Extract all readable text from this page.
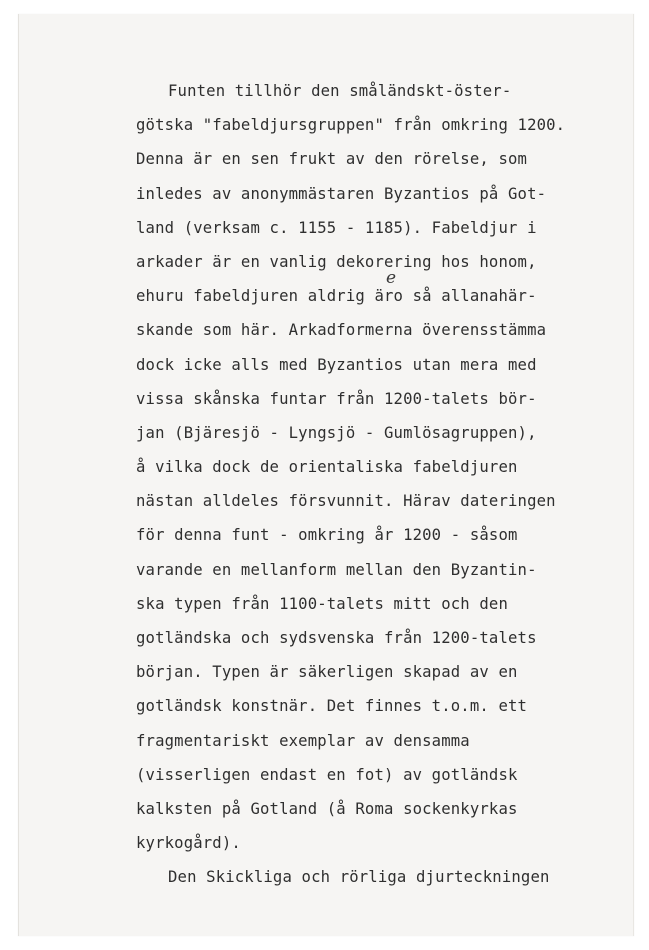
Funten tillhör den småländskt-öster-
götska "fabeldjursgruppen" från omkring 1200.
Denna är en sen frukt av den rörelse, som
inledes av anonymmästaren Byzantios på Got-
land (verksam c. 1155 - 1185). Fabeldjur i
arkader är en vanlig dekorering hos honom,
ehuru fabeldjuren aldrig äro så allanahär-
skande som här. Arkadformerna överensstämma
dock icke alls med Byzantios utan mera med
vissa skånska funtar från 1200-talets bör-
jan (Bjäresjö - Lyngsjö - Gumlösagruppen),
å vilka dock de orientaliska fabeldjuren
nästan alldeles försvunnit. Härav dateringen
för denna funt - omkring år 1200 - såsom
varande en mellanform mellan den Byzantin-
ska typen från 1100-talets mitt och den
gotländska och sydsvenska från 1200-talets
början. Typen är säkerligen skapad av en
gotländsk konstnär. Det finnes t.o.m. ett
fragmentariskt exemplar av densamma
(visserligen endast en fot) av gotländsk
kalksten på Gotland (å Roma sockenkyrkas
kyrkogård).
Den Skickliga och rörliga djurteckningen
e
